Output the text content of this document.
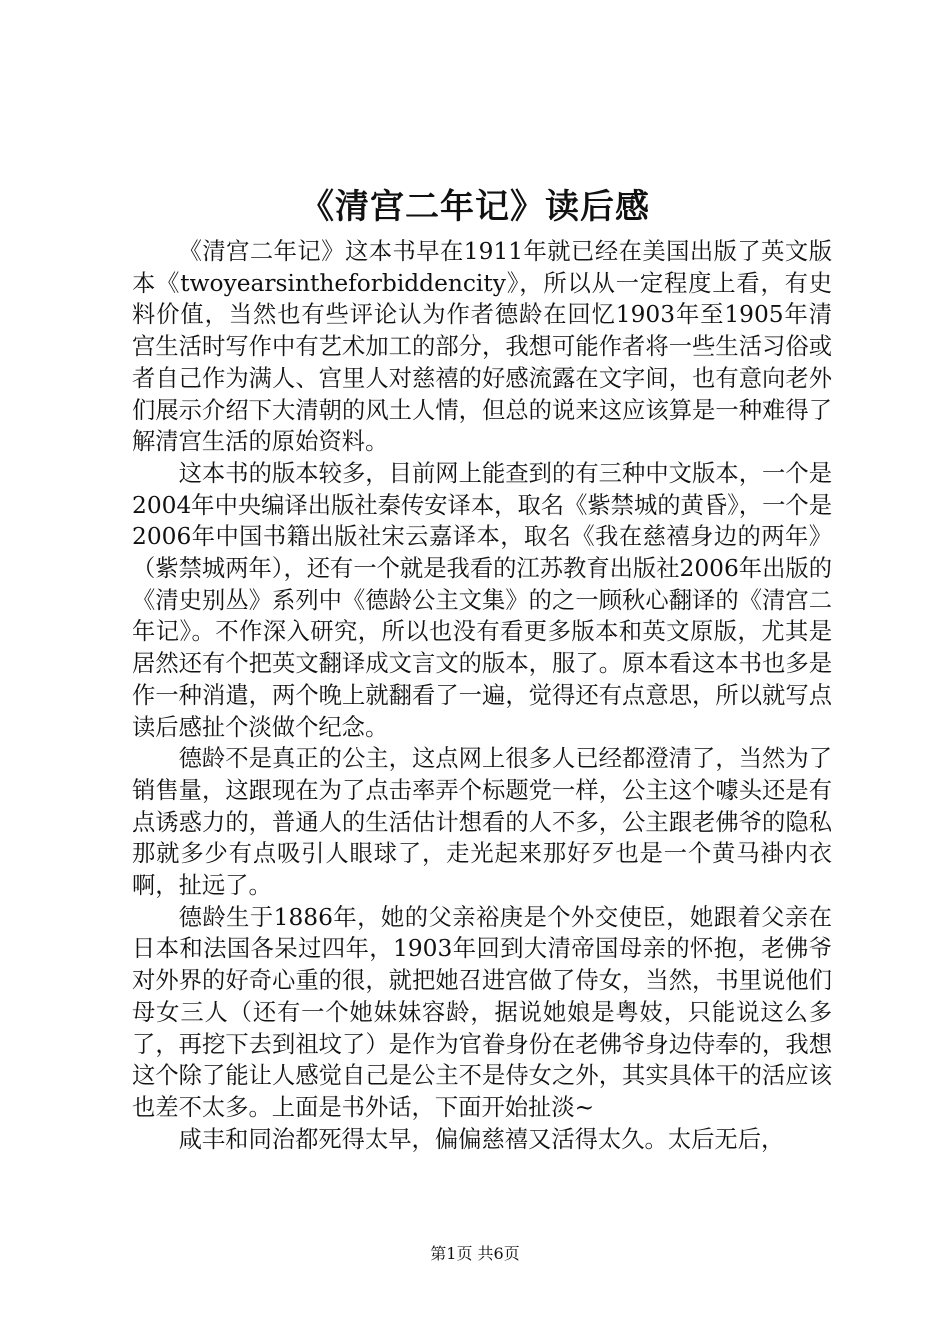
《清宫二年记》读后感

《清宫二年记》这本书早在1911年就已经在美国出版了英文版本《twoyearsintheforbiddencity》，所以从一定程度上看，有史料价值，当然也有些评论认为作者德龄在回忆1903年至1905年清宫生活时写作中有艺术加工的部分，我想可能作者将一些生活习俗或者自己作为满人、宫里人对慈禧的好感流露在文字间，也有意向老外们展示介绍下大清朝的风土人情，但总的说来这应该算是一种难得了解清宫生活的原始资料。

这本书的版本较多，目前网上能查到的有三种中文版本，一个是2004年中央编译出版社秦传安译本，取名《紫禁城的黄昏》，一个是2006年中国书籍出版社宋云嘉译本，取名《我在慈禧身边的两年》（紫禁城两年），还有一个就是我看的江苏教育出版社2006年出版的《清史别丛》系列中《德龄公主文集》的之一顾秋心翻译的《清宫二年记》。不作深入研究，所以也没有看更多版本和英文原版，尤其是居然还有个把英文翻译成文言文的版本，服了。原本看这本书也多是作一种消遣，两个晚上就翻看了一遍，觉得还有点意思，所以就写点读后感扯个淡做个纪念。

德龄不是真正的公主，这点网上很多人已经都澄清了，当然为了销售量，这跟现在为了点击率弄个标题党一样，公主这个噱头还是有点诱惑力的，普通人的生活估计想看的人不多，公主跟老佛爷的隐私那就多少有点吸引人眼球了，走光起来那好歹也是一个黄马褂内衣啊，扯远了。

德龄生于1886年，她的父亲裕庚是个外交使臣，她跟着父亲在日本和法国各呆过四年，1903年回到大清帝国母亲的怀抱，老佛爷对外界的好奇心重的很，就把她召进宫做了侍女，当然，书里说他们母女三人（还有一个她妹妹容龄，据说她娘是粤妓，只能说这么多了，再挖下去到祖坟了）是作为官眷身份在老佛爷身边侍奉的，我想这个除了能让人感觉自己是公主不是侍女之外，其实具体干的活应该也差不太多。上面是书外话，下面开始扯淡~

咸丰和同治都死得太早，偏偏慈禧又活得太久。太后无后，

第1页 共6页
